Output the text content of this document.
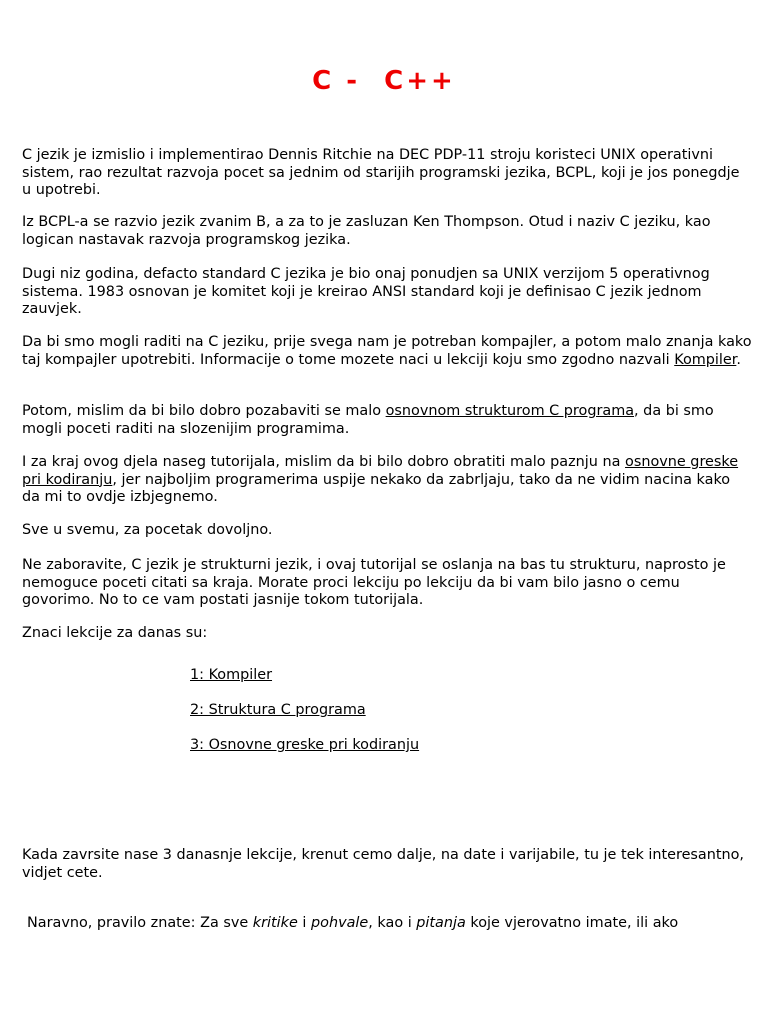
C -  C++

C jezik je izmislio i implementirao Dennis Ritchie na DEC PDP-11 stroju koristeci UNIX operativni sistem, rao rezultat razvoja pocet sa jednim od starijih programski jezika, BCPL, koji je jos ponegdje u upotrebi.

Iz BCPL-a se razvio jezik zvanim B, a za to je zasluzan Ken Thompson. Otud i naziv C jeziku, kao logican nastavak razvoja programskog jezika.

Dugi niz godina, defacto standard C jezika je bio onaj ponudjen sa UNIX verzijom 5 operativnog sistema. 1983 osnovan je komitet koji je kreirao ANSI standard koji je definisao C jezik jednom zauvjek.

Da bi smo mogli raditi na C jeziku, prije svega nam je potreban kompajler, a potom malo znanja kako taj kompajler upotrebiti. Informacije o tome mozete naci u lekciji koju smo zgodno nazvali Kompiler.

Potom, mislim da bi bilo dobro pozabaviti se malo osnovnom strukturom C programa, da bi smo mogli poceti raditi na slozenijim programima.

I za kraj ovog djela naseg tutorijala, mislim da bi bilo dobro obratiti malo paznju na osnovne greske pri kodiranju, jer najboljim programerima uspije nekako da zabrljaju, tako da ne vidim nacina kako da mi to ovdje izbjegnemo.

Sve u svemu, za pocetak dovoljno.

Ne zaboravite, C jezik je strukturni jezik, i ovaj tutorijal se oslanja na bas tu strukturu, naprosto je nemoguce poceti citati sa kraja. Morate proci lekciju po lekciju da bi vam bilo jasno o cemu govorimo. No to ce vam postati jasnije tokom tutorijala.

Znaci lekcije za danas su:

1: Kompiler

2: Struktura C programa

3: Osnovne greske pri kodiranju

Kada zavrsite nase 3 danasnje lekcije, krenut cemo dalje, na date i varijabile, tu je tek interesantno, vidjet cete.

Naravno, pravilo znate: Za sve kritike i pohvale, kao i pitanja koje vjerovatno imate, ili ako
